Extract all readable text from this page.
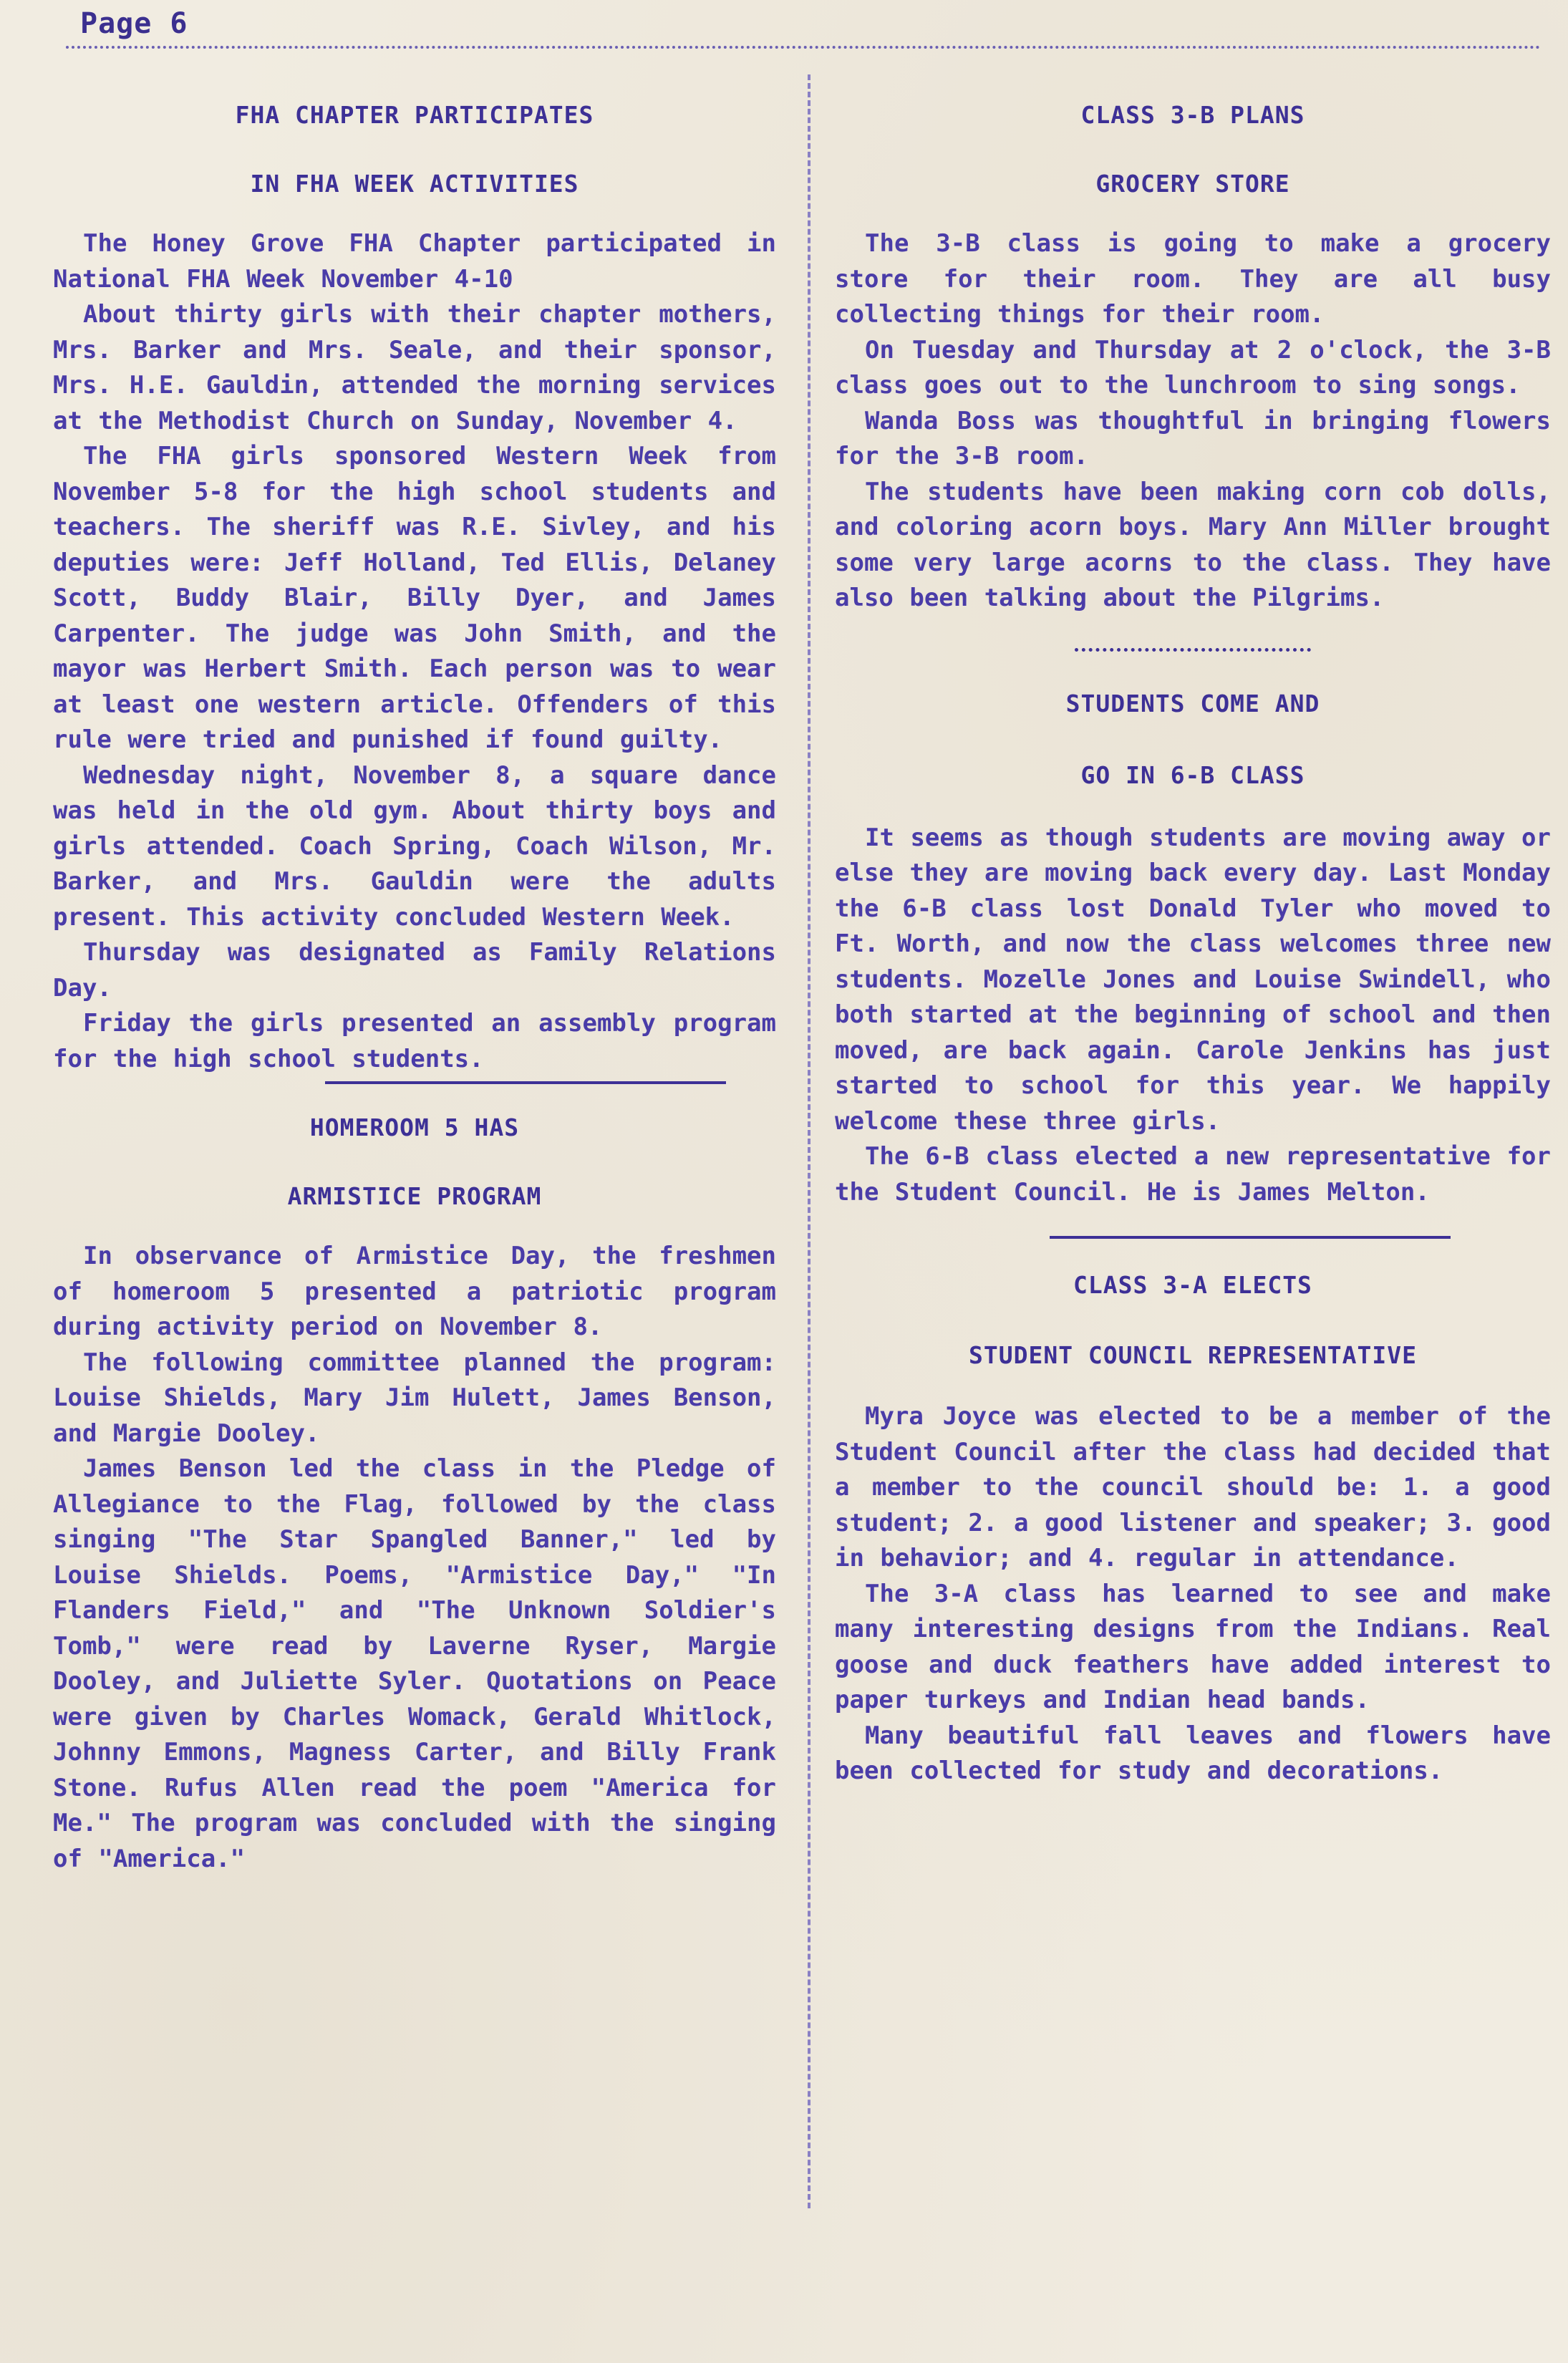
Page 6
FHA CHAPTER PARTICIPATES
IN FHA WEEK ACTIVITIES

The Honey Grove FHA Chapter participated in National FHA Week November 4-10

About thirty girls with their chapter mothers, Mrs. Barker and Mrs. Seale, and their sponsor, Mrs. H.E. Gauldin, attended the morning services at the Methodist Church on Sunday, November 4.

The FHA girls sponsored Western Week from November 5-8 for the high school students and teachers. The sheriff was R.E. Sivley, and his deputies were: Jeff Holland, Ted Ellis, Delaney Scott, Buddy Blair, Billy Dyer, and James Carpenter. The judge was John Smith, and the mayor was Herbert Smith. Each person was to wear at least one western article. Offenders of this rule were tried and punished if found guilty.

Wednesday night, November 8, a square dance was held in the old gym. About thirty boys and girls attended. Coach Spring, Coach Wilson, Mr. Barker, and Mrs. Gauldin were the adults present. This activity concluded Western Week.

Thursday was designated as Family Relations Day.

Friday the girls presented an assembly program for the high school students.

HOMEROOM 5 HAS
ARMISTICE PROGRAM

In observance of Armistice Day, the freshmen of homeroom 5 presented a patriotic program during activity period on November 8.

The following committee planned the program: Louise Shields, Mary Jim Hulett, James Benson, and Margie Dooley.

James Benson led the class in the Pledge of Allegiance to the Flag, followed by the class singing "The Star Spangled Banner," led by Louise Shields. Poems, "Armistice Day," "In Flanders Field," and "The Unknown Soldier's Tomb," were read by Laverne Ryser, Margie Dooley, and Juliette Syler. Quotations on Peace were given by Charles Womack, Gerald Whitlock, Johnny Emmons, Magness Carter, and Billy Frank Stone. Rufus Allen read the poem "America for Me." The program was concluded with the singing of "America."

CLASS 3-B PLANS
GROCERY STORE

The 3-B class is going to make a grocery store for their room. They are all busy collecting things for their room.

On Tuesday and Thursday at 2 o'clock, the 3-B class goes out to the lunchroom to sing songs.

Wanda Boss was thoughtful in bringing flowers for the 3-B room.

The students have been making corn cob dolls, and coloring acorn boys. Mary Ann Miller brought some very large acorns to the class. They have also been talking about the Pilgrims.

STUDENTS COME AND
GO IN 6-B CLASS

It seems as though students are moving away or else they are moving back every day. Last Monday the 6-B class lost Donald Tyler who moved to Ft. Worth, and now the class welcomes three new students. Mozelle Jones and Louise Swindell, who both started at the beginning of school and then moved, are back again. Carole Jenkins has just started to school for this year. We happily welcome these three girls.

The 6-B class elected a new representative for the Student Council. He is James Melton.

CLASS 3-A ELECTS
STUDENT COUNCIL REPRESENTATIVE

Myra Joyce was elected to be a member of the Student Council after the class had decided that a member to the council should be: 1. a good student; 2. a good listener and speaker; 3. good in behavior; and 4. regular in attendance.

The 3-A class has learned to see and make many interesting designs from the Indians. Real goose and duck feathers have added interest to paper turkeys and Indian head bands.

Many beautiful fall leaves and flowers have been collected for study and decorations.
